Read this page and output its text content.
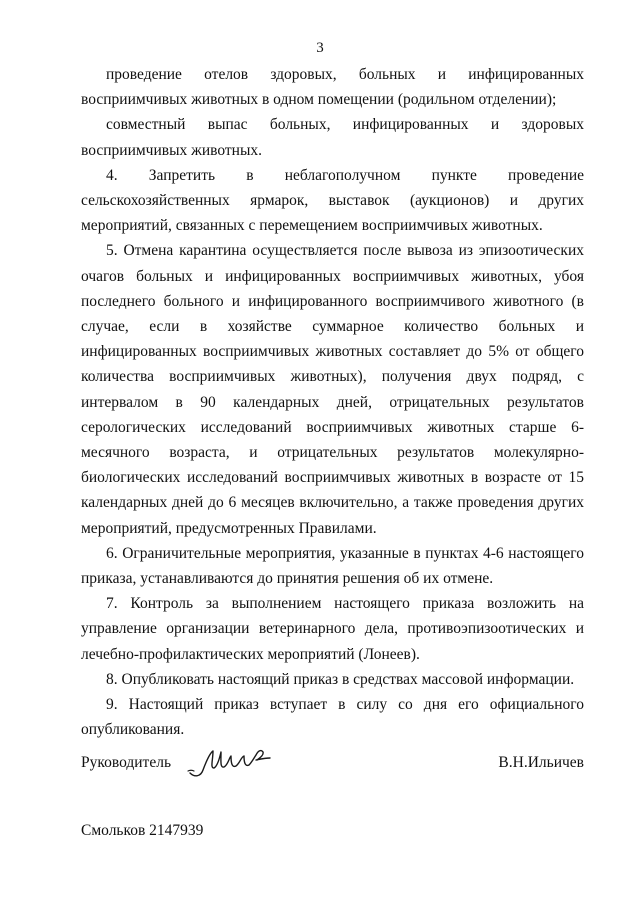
3

проведение отелов здоровых, больных и инфицированных восприимчивых животных в одном помещении (родильном отделении);

совместный выпас больных, инфицированных и здоровых восприимчивых животных.

4. Запретить в неблагополучном пункте проведение сельскохозяйственных ярмарок, выставок (аукционов) и других мероприятий, связанных с перемещением восприимчивых животных.

5. Отмена карантина осуществляется после вывоза из эпизоотических очагов больных и инфицированных восприимчивых животных, убоя последнего больного и инфицированного восприимчивого животного (в случае, если в хозяйстве суммарное количество больных и инфицированных восприимчивых животных составляет до 5% от общего количества восприимчивых животных), получения двух подряд, с интервалом в 90 календарных дней, отрицательных результатов серологических исследований восприимчивых животных старше 6-месячного возраста, и отрицательных результатов молекулярно-биологических исследований восприимчивых животных в возрасте от 15 календарных дней до 6 месяцев включительно, а также проведения других мероприятий, предусмотренных Правилами.

6. Ограничительные мероприятия, указанные в пунктах 4-6 настоящего приказа, устанавливаются до принятия решения об их отмене.

7. Контроль за выполнением настоящего приказа возложить на управление организации ветеринарного дела, противоэпизоотических и лечебно-профилактических мероприятий (Лонеев).

8. Опубликовать настоящий приказ в средствах массовой информации.

9. Настоящий приказ вступает в силу со дня его официального опубликования.

Руководитель	В.Н.Ильичев
Смольков 2147939
